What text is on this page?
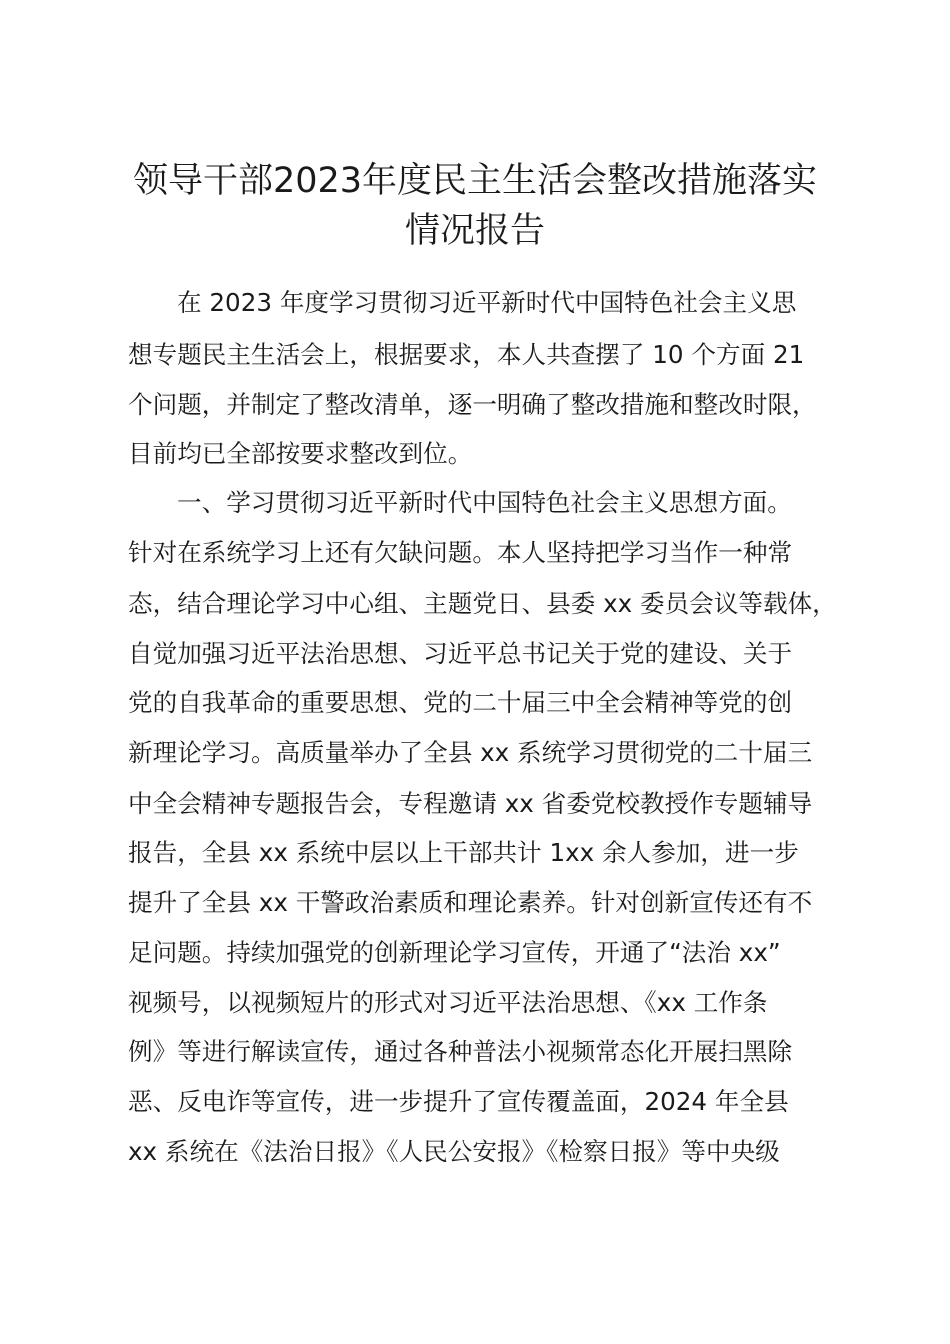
领导干部2023年度民主生活会整改措施落实
情况报告
在 2023 年度学习贯彻习近平新时代中国特色社会主义思
想专题民主生活会上，根据要求，本人共查摆了 10 个方面 21
个问题，并制定了整改清单，逐一明确了整改措施和整改时限，
目前均已全部按要求整改到位。
一、学习贯彻习近平新时代中国特色社会主义思想方面。
针对在系统学习上还有欠缺问题。本人坚持把学习当作一种常
态，结合理论学习中心组、主题党日、县委 xx 委员会议等载体，
自觉加强习近平法治思想、习近平总书记关于党的建设、关于
党的自我革命的重要思想、党的二十届三中全会精神等党的创
新理论学习。高质量举办了全县 xx 系统学习贯彻党的二十届三
中全会精神专题报告会，专程邀请 xx 省委党校教授作专题辅导
报告，全县 xx 系统中层以上干部共计 1xx 余人参加，进一步
提升了全县 xx 干警政治素质和理论素养。针对创新宣传还有不
足问题。持续加强党的创新理论学习宣传，开通了“法治 xx”
视频号，以视频短片的形式对习近平法治思想、《xx 工作条
例》等进行解读宣传，通过各种普法小视频常态化开展扫黑除
恶、反电诈等宣传，进一步提升了宣传覆盖面，2024 年全县
xx 系统在《法治日报》《人民公安报》《检察日报》等中央级
